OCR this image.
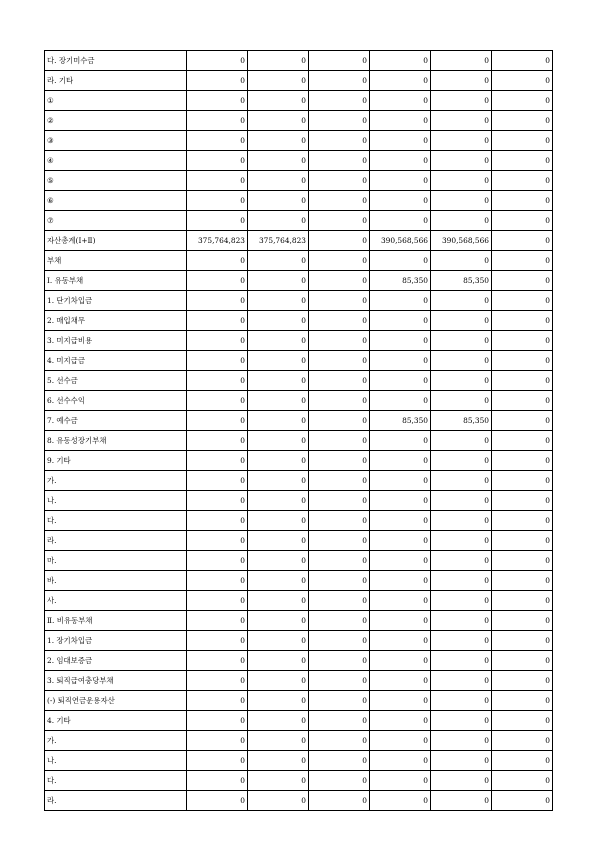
다. 장기미수금	0	0	0	0	0	0
라. 기타	0	0	0	0	0	0
①	0	0	0	0	0	0
②	0	0	0	0	0	0
③	0	0	0	0	0	0
④	0	0	0	0	0	0
⑤	0	0	0	0	0	0
⑥	0	0	0	0	0	0
⑦	0	0	0	0	0	0
자산총계(Ⅰ+Ⅱ)	375,764,823	375,764,823	0	390,568,566	390,568,566	0
부채	0	0	0	0	0	0
Ⅰ. 유동부채	0	0	0	85,350	85,350	0
1. 단기차입금	0	0	0	0	0	0
2. 매입채무	0	0	0	0	0	0
3. 미지급비용	0	0	0	0	0	0
4. 미지급금	0	0	0	0	0	0
5. 선수금	0	0	0	0	0	0
6. 선수수익	0	0	0	0	0	0
7. 예수금	0	0	0	85,350	85,350	0
8. 유동성장기부채	0	0	0	0	0	0
9. 기타	0	0	0	0	0	0
가.	0	0	0	0	0	0
나.	0	0	0	0	0	0
다.	0	0	0	0	0	0
라.	0	0	0	0	0	0
마.	0	0	0	0	0	0
바.	0	0	0	0	0	0
사.	0	0	0	0	0	0
Ⅱ. 비유동부채	0	0	0	0	0	0
1. 장기차입금	0	0	0	0	0	0
2. 임대보증금	0	0	0	0	0	0
3. 퇴직급여충당부채	0	0	0	0	0	0
(-) 퇴직연금운용자산	0	0	0	0	0	0
4. 기타	0	0	0	0	0	0
가.	0	0	0	0	0	0
나.	0	0	0	0	0	0
다.	0	0	0	0	0	0
라.	0	0	0	0	0	0
